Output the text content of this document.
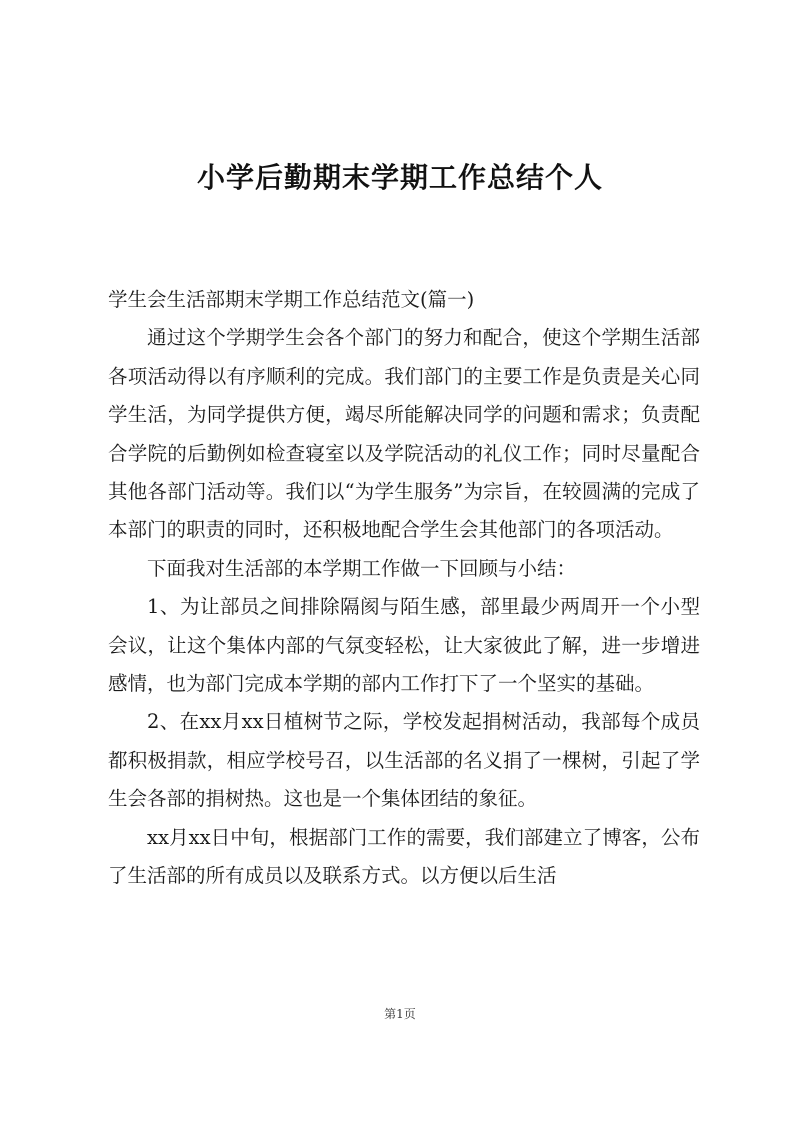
小学后勤期末学期工作总结个人

学生会生活部期末学期工作总结范文(篇一)

通过这个学期学生会各个部门的努力和配合，使这个学期生活部各项活动得以有序顺利的完成。我们部门的主要工作是负责是关心同学生活，为同学提供方便，竭尽所能解决同学的问题和需求；负责配合学院的后勤例如检查寝室以及学院活动的礼仪工作；同时尽量配合其他各部门活动等。我们以“为学生服务”为宗旨，在较圆满的完成了本部门的职责的同时，还积极地配合学生会其他部门的各项活动。

下面我对生活部的本学期工作做一下回顾与小结：

1、为让部员之间排除隔阂与陌生感，部里最少两周开一个小型会议，让这个集体内部的气氛变轻松，让大家彼此了解，进一步增进感情，也为部门完成本学期的部内工作打下了一个坚实的基础。

2、在xx月xx日植树节之际，学校发起捐树活动，我部每个成员都积极捐款，相应学校号召，以生活部的名义捐了一棵树，引起了学生会各部的捐树热。这也是一个集体团结的象征。

xx月xx日中旬，根据部门工作的需要，我们部建立了博客，公布了生活部的所有成员以及联系方式。以方便以后生活

第1页
